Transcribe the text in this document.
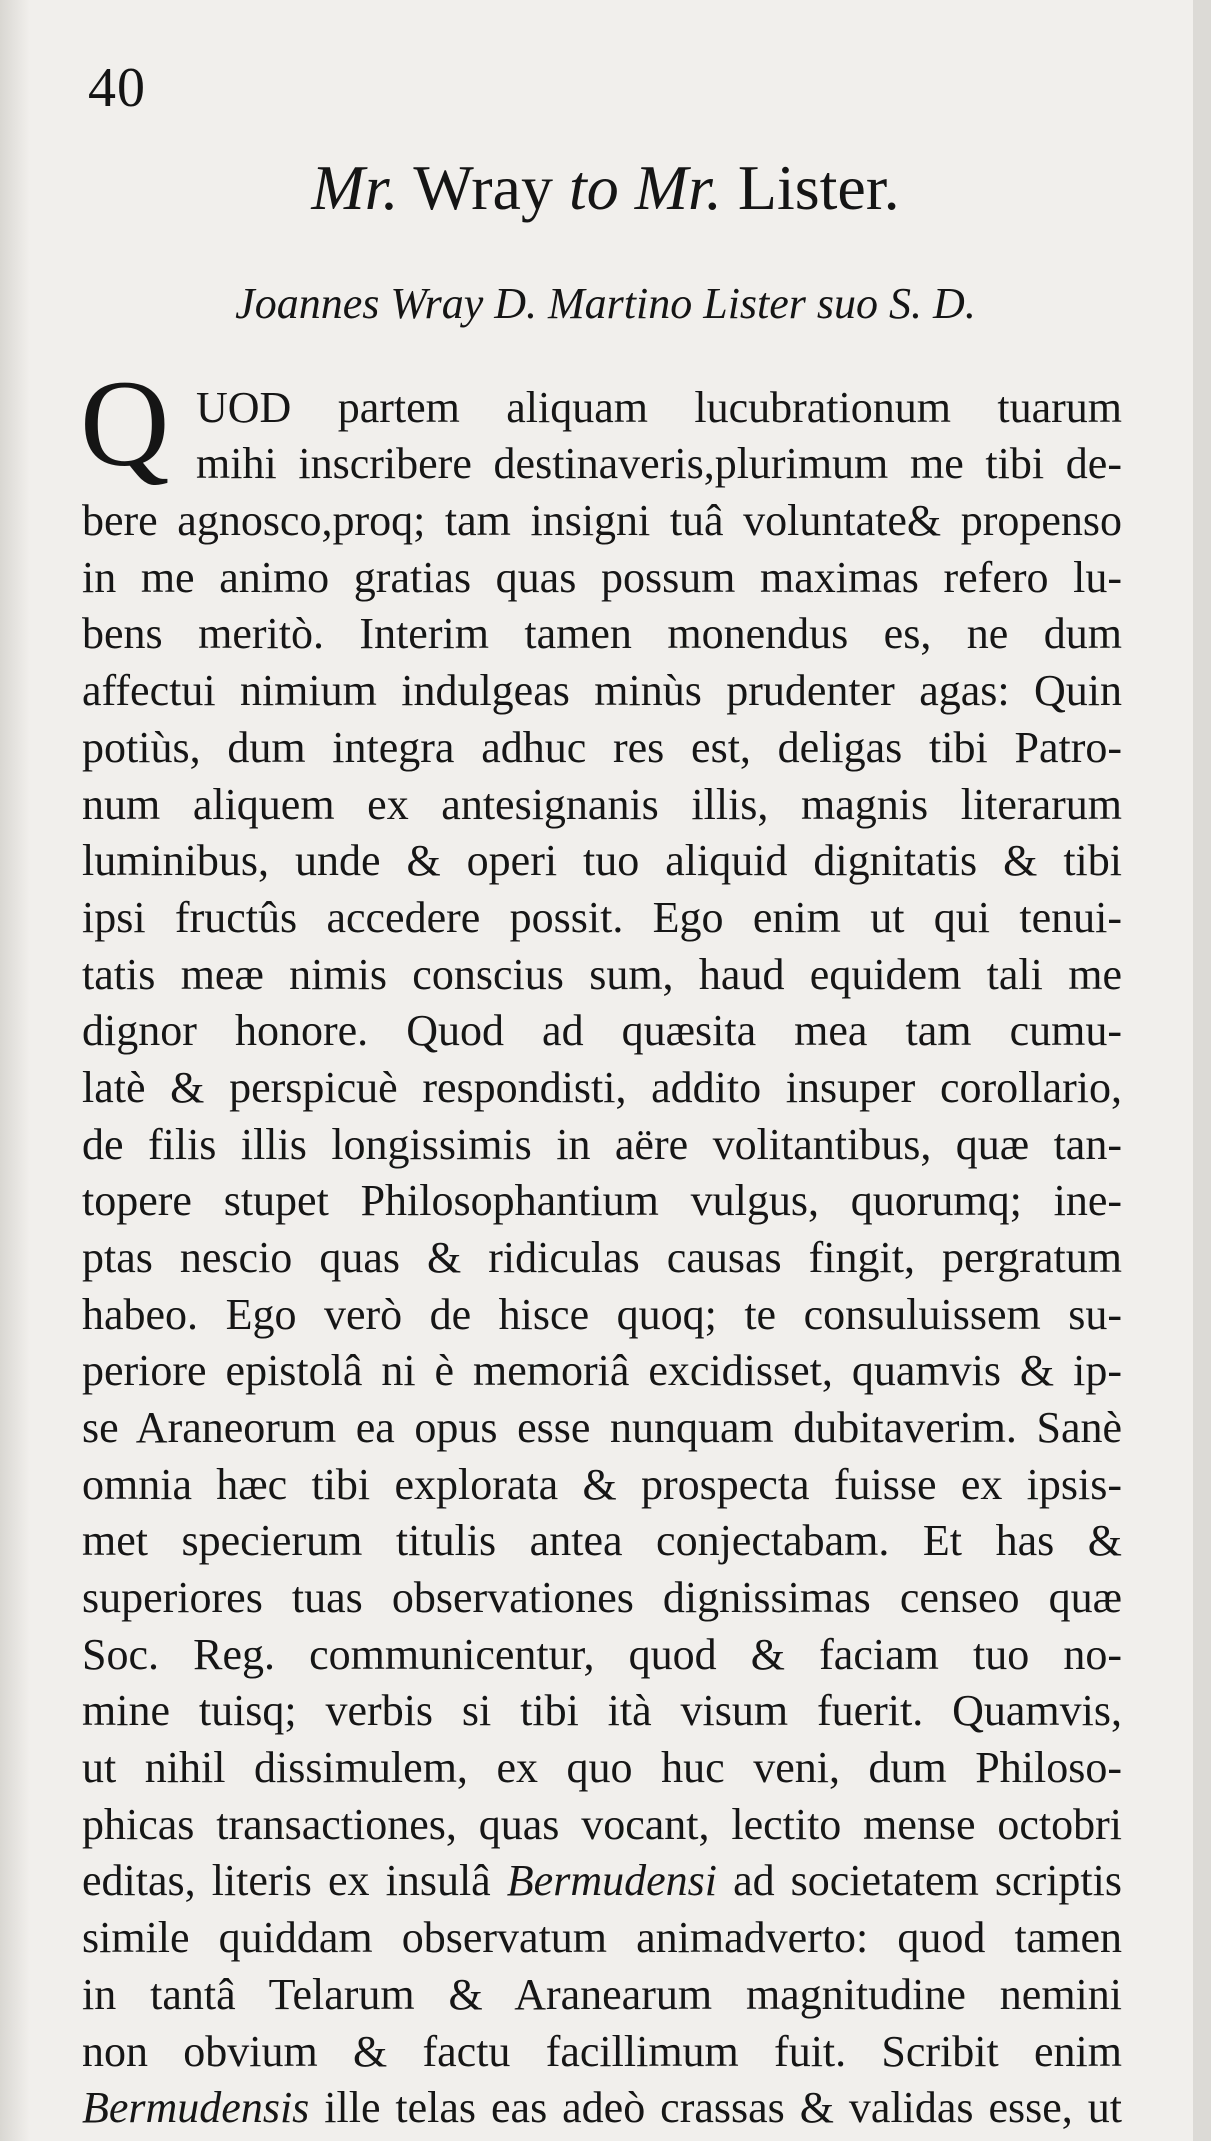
40
Mr. Wray to Mr. Lister.
Joannes Wray D. Martino Lister suo S. D.
Q UOD partem aliquam lucubrationum tuarum
mihi inscribere destinaveris,plurimum me tibi de-
bere agnosco,proq; tam insigni tuâ voluntate& propenso
in me animo gratias quas possum maximas refero lu-
bens meritò. Interim tamen monendus es, ne dum
affectui nimium indulgeas minùs prudenter agas: Quin
potiùs, dum integra adhuc res est, deligas tibi Patro-
num aliquem ex antesignanis illis, magnis literarum
luminibus, unde & operi tuo aliquid dignitatis & tibi
ipsi fructûs accedere possit. Ego enim ut qui tenui-
tatis meæ nimis conscius sum, haud equidem tali me
dignor honore. Quod ad quæsita mea tam cumu-
latè & perspicuè respondisti, addito insuper corollario,
de filis illis longissimis in aëre volitantibus, quæ tan-
topere stupet Philosophantium vulgus, quorumq; ine-
ptas nescio quas & ridiculas causas fingit, pergratum
habeo. Ego verò de hisce quoq; te consuluissem su-
periore epistolâ ni è memoriâ excidisset, quamvis & ip-
se Araneorum ea opus esse nunquam dubitaverim. Sanè
omnia hæc tibi explorata & prospecta fuisse ex ipsis-
met specierum titulis antea conjectabam. Et has &
superiores tuas observationes dignissimas censeo quæ
Soc. Reg. communicentur, quod & faciam tuo no-
mine tuisq; verbis si tibi ità visum fuerit. Quamvis,
ut nihil dissimulem, ex quo huc veni, dum Philoso-
phicas transactiones, quas vocant, lectito mense octobri
editas, literis ex insulâ Bermudensi ad societatem scriptis
simile quiddam observatum animadverto: quod tamen
in tantâ Telarum & Aranearum magnitudine nemini
non obvium & factu facillimum fuit. Scribit enim
Bermudensis ille telas eas adeò crassas & validas esse, ut
